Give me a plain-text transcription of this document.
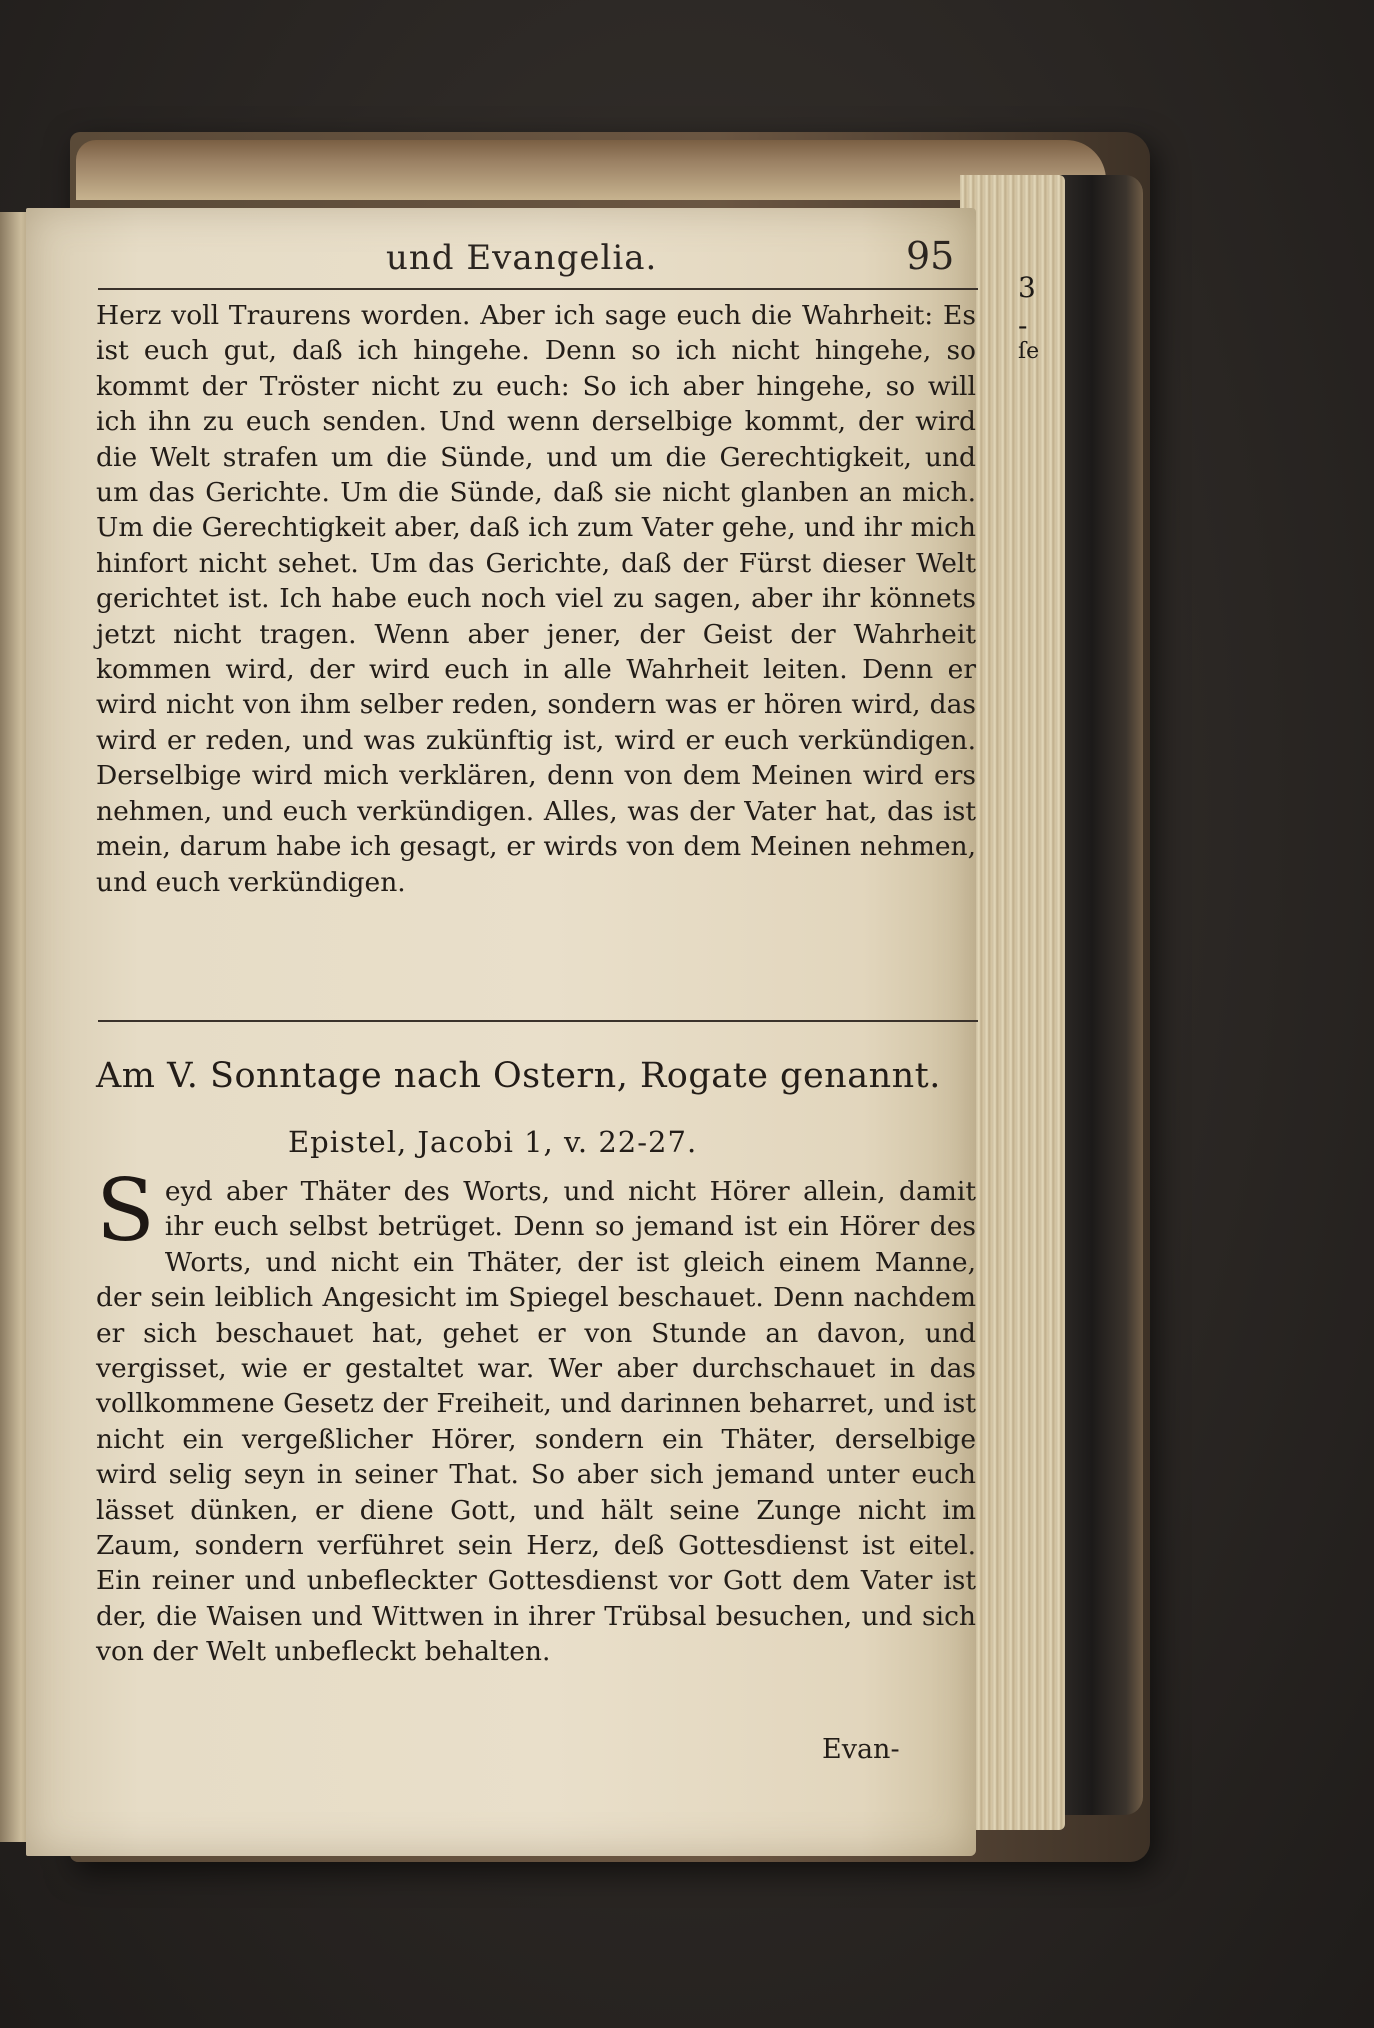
3
-
ſe
und Evangelia.	95

Herz voll Traurens worden. Aber ich sage euch die Wahrheit: Es ist euch gut, daß ich hingehe. Denn so ich nicht hingehe, so kommt der Tröster nicht zu euch: So ich aber hingehe, so will ich ihn zu euch senden. Und wenn derselbige kommt, der wird die Welt strafen um die Sünde, und um die Gerechtigkeit, und um das Gerichte. Um die Sünde, daß sie nicht glanben an mich. Um die Gerechtigkeit aber, daß ich zum Vater gehe, und ihr mich hinfort nicht sehet. Um das Gerichte, daß der Fürst dieser Welt gerichtet ist. Ich habe euch noch viel zu sagen, aber ihr könnets jetzt nicht tragen. Wenn aber jener, der Geist der Wahrheit kommen wird, der wird euch in alle Wahrheit leiten. Denn er wird nicht von ihm selber reden, sondern was er hören wird, das wird er reden, und was zukünftig ist, wird er euch verkündigen. Derselbige wird mich verklären, denn von dem Meinen wird ers nehmen, und euch verkündigen. Alles, was der Vater hat, das ist mein, darum habe ich gesagt, er wirds von dem Meinen nehmen, und euch verkündigen.

Am V. Sonntage nach Ostern, Rogate genannt.
Epistel, Jacobi 1, v. 22-27.
Seyd aber Thäter des Worts, und nicht Hörer allein, damit ihr euch selbst betrüget. Denn so jemand ist ein Hörer des Worts, und nicht ein Thäter, der ist gleich einem Manne, der sein leiblich Angesicht im Spiegel beschauet. Denn nachdem er sich beschauet hat, gehet er von Stunde an davon, und vergisset, wie er gestaltet war. Wer aber durchschauet in das vollkommene Gesetz der Freiheit, und darinnen beharret, und ist nicht ein vergeßlicher Hörer, sondern ein Thäter, derselbige wird selig seyn in seiner That. So aber sich jemand unter euch lässet dünken, er diene Gott, und hält seine Zunge nicht im Zaum, sondern verführet sein Herz, deß Gottesdienst ist eitel. Ein reiner und unbefleckter Gottesdienst vor Gott dem Vater ist der, die Waisen und Wittwen in ihrer Trübsal besuchen, und sich von der Welt unbefleckt behalten.
Evan-
